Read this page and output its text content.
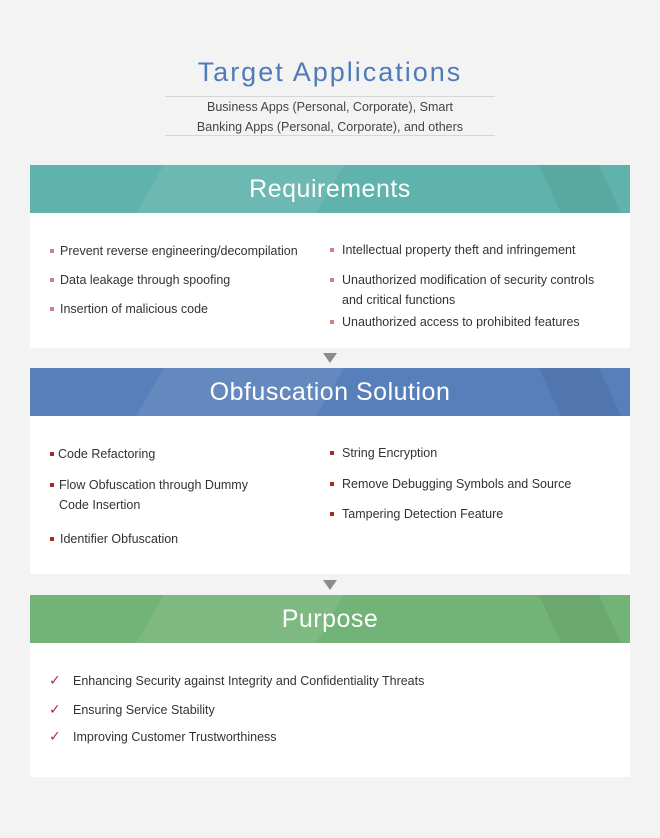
Target Applications
Business Apps (Personal, Corporate), Smart
Banking Apps (Personal, Corporate), and others
Requirements
Prevent reverse engineering/decompilation
Data leakage through spoofing
Insertion of malicious code
Intellectual property theft and infringement
Unauthorized modification of security controls
and critical functions
Unauthorized access to prohibited features
Obfuscation Solution
Code Refactoring
Flow Obfuscation through Dummy
Code Insertion
Identifier Obfuscation
String Encryption
Remove Debugging Symbols and Source
Tampering Detection Feature
Purpose
✓ Enhancing Security against Integrity and Confidentiality Threats
✓ Ensuring Service Stability
✓ Improving Customer Trustworthiness
